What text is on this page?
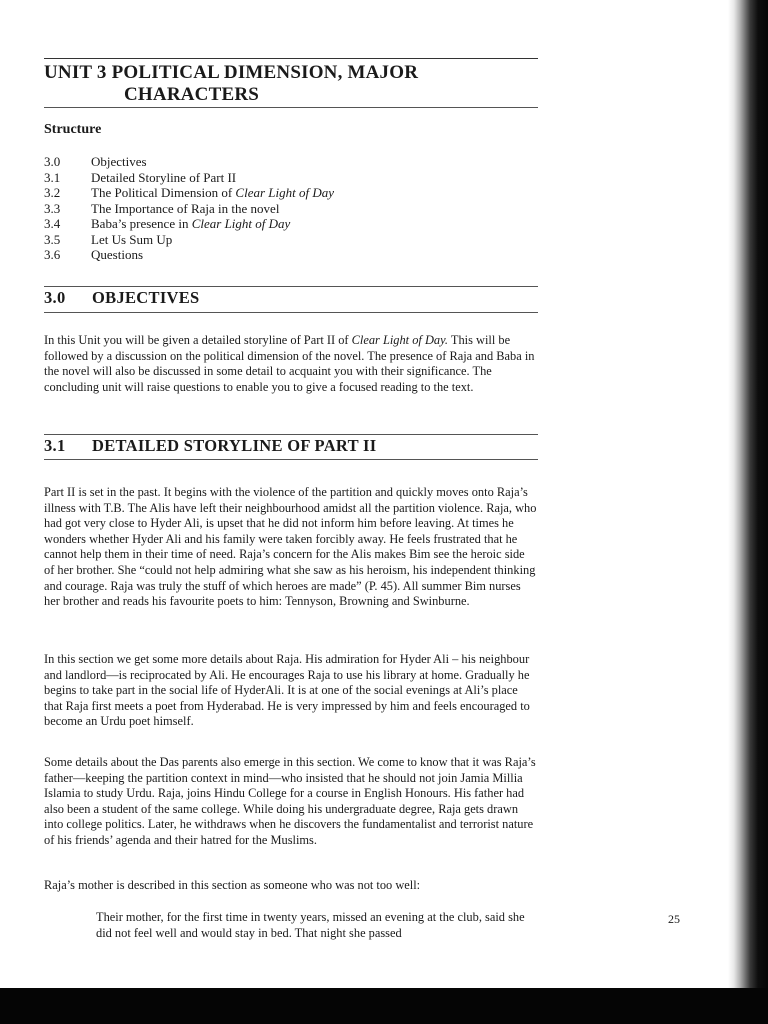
UNIT 3 POLITICAL DIMENSION, MAJOR
CHARACTERS
Structure
3.0	Objectives
3.1	Detailed Storyline of Part II
3.2	The Political Dimension of Clear Light of Day
3.3	The Importance of Raja in the novel
3.4	Baba’s presence in Clear Light of Day
3.5	Let Us Sum Up
3.6	Questions
3.0 OBJECTIVES

In this Unit you will be given a detailed storyline of Part II of Clear Light of Day. This will be followed by a discussion on the political dimension of the novel. The presence of Raja and Baba in the novel will also be discussed in some detail to acquaint you with their significance. The concluding unit will raise questions to enable you to give a focused reading to the text.

3.1 DETAILED STORYLINE OF PART II

Part II is set in the past. It begins with the violence of the partition and quickly moves onto Raja’s illness with T.B. The Alis have left their neighbourhood amidst all the partition violence. Raja, who had got very close to Hyder Ali, is upset that he did not inform him before leaving. At times he wonders whether Hyder Ali and his family were taken forcibly away. He feels frustrated that he cannot help them in their time of need. Raja’s concern for the Alis makes Bim see the heroic side of her brother. She “could not help admiring what she saw as his heroism, his independent thinking and courage. Raja was truly the stuff of which heroes are made” (P. 45). All summer Bim nurses her brother and reads his favourite poets to him: Tennyson, Browning and Swinburne.

In this section we get some more details about Raja. His admiration for Hyder Ali – his neighbour and landlord—is reciprocated by Ali. He encourages Raja to use his library at home. Gradually he begins to take part in the social life of HyderAli. It is at one of the social evenings at Ali’s place that Raja first meets a poet from Hyderabad. He is very impressed by him and feels encouraged to become an Urdu poet himself.

Some details about the Das parents also emerge in this section. We come to know that it was Raja’s father—keeping the partition context in mind—who insisted that he should not join Jamia Millia Islamia to study Urdu. Raja, joins Hindu College for a course in English Honours. His father had also been a student of the same college. While doing his undergraduate degree, Raja gets drawn into college politics. Later, he withdraws when he discovers the fundamentalist and terrorist nature of his friends’ agenda and their hatred for the Muslims.

Raja’s mother is described in this section as someone who was not too well:

Their mother, for the first time in twenty years, missed an evening at the club, said she did not feel well and would stay in bed. That night she passed

25
